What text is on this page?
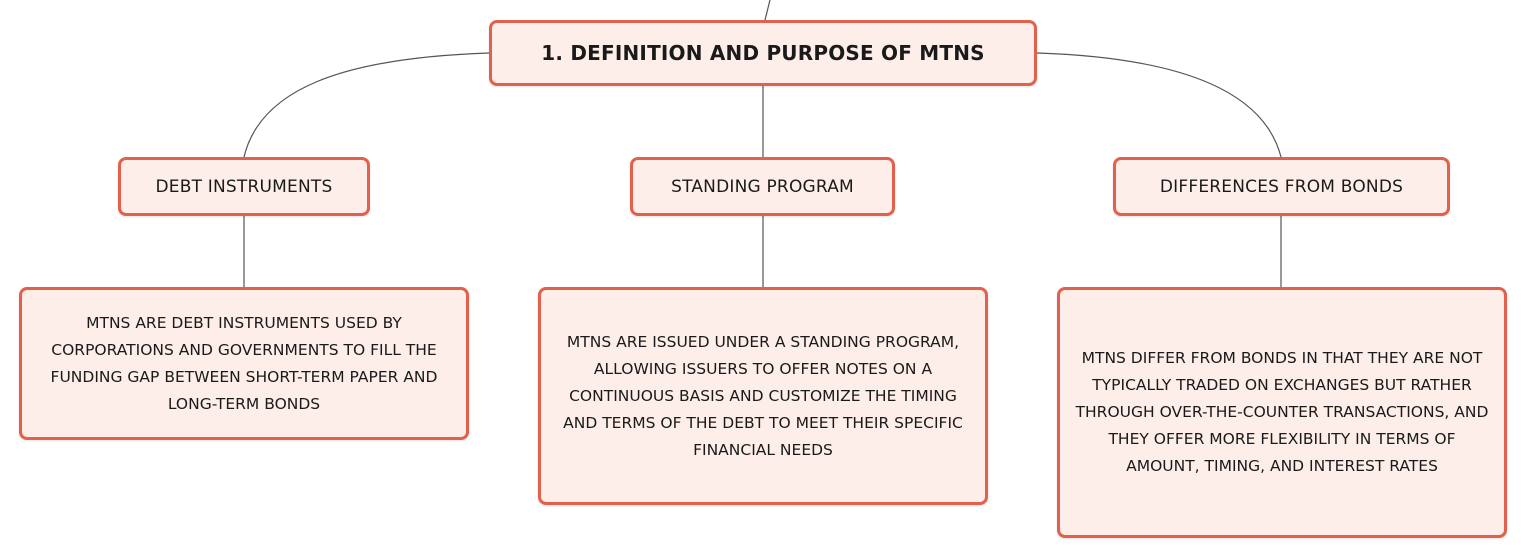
1. DEFINITION AND PURPOSE OF MTNS
DEBT INSTRUMENTS	STANDING PROGRAM	DIFFERENCES FROM BONDS
MTNS ARE DEBT INSTRUMENTS USED BY CORPORATIONS AND GOVERNMENTS TO FILL THE FUNDING GAP BETWEEN SHORT-TERM PAPER AND LONG-TERM BONDS
MTNS ARE ISSUED UNDER A STANDING PROGRAM, ALLOWING ISSUERS TO OFFER NOTES ON A CONTINUOUS BASIS AND CUSTOMIZE THE TIMING AND TERMS OF THE DEBT TO MEET THEIR SPECIFIC FINANCIAL NEEDS
MTNS DIFFER FROM BONDS IN THAT THEY ARE NOT TYPICALLY TRADED ON EXCHANGES BUT RATHER THROUGH OVER-THE-COUNTER TRANSACTIONS, AND THEY OFFER MORE FLEXIBILITY IN TERMS OF AMOUNT, TIMING, AND INTEREST RATES
